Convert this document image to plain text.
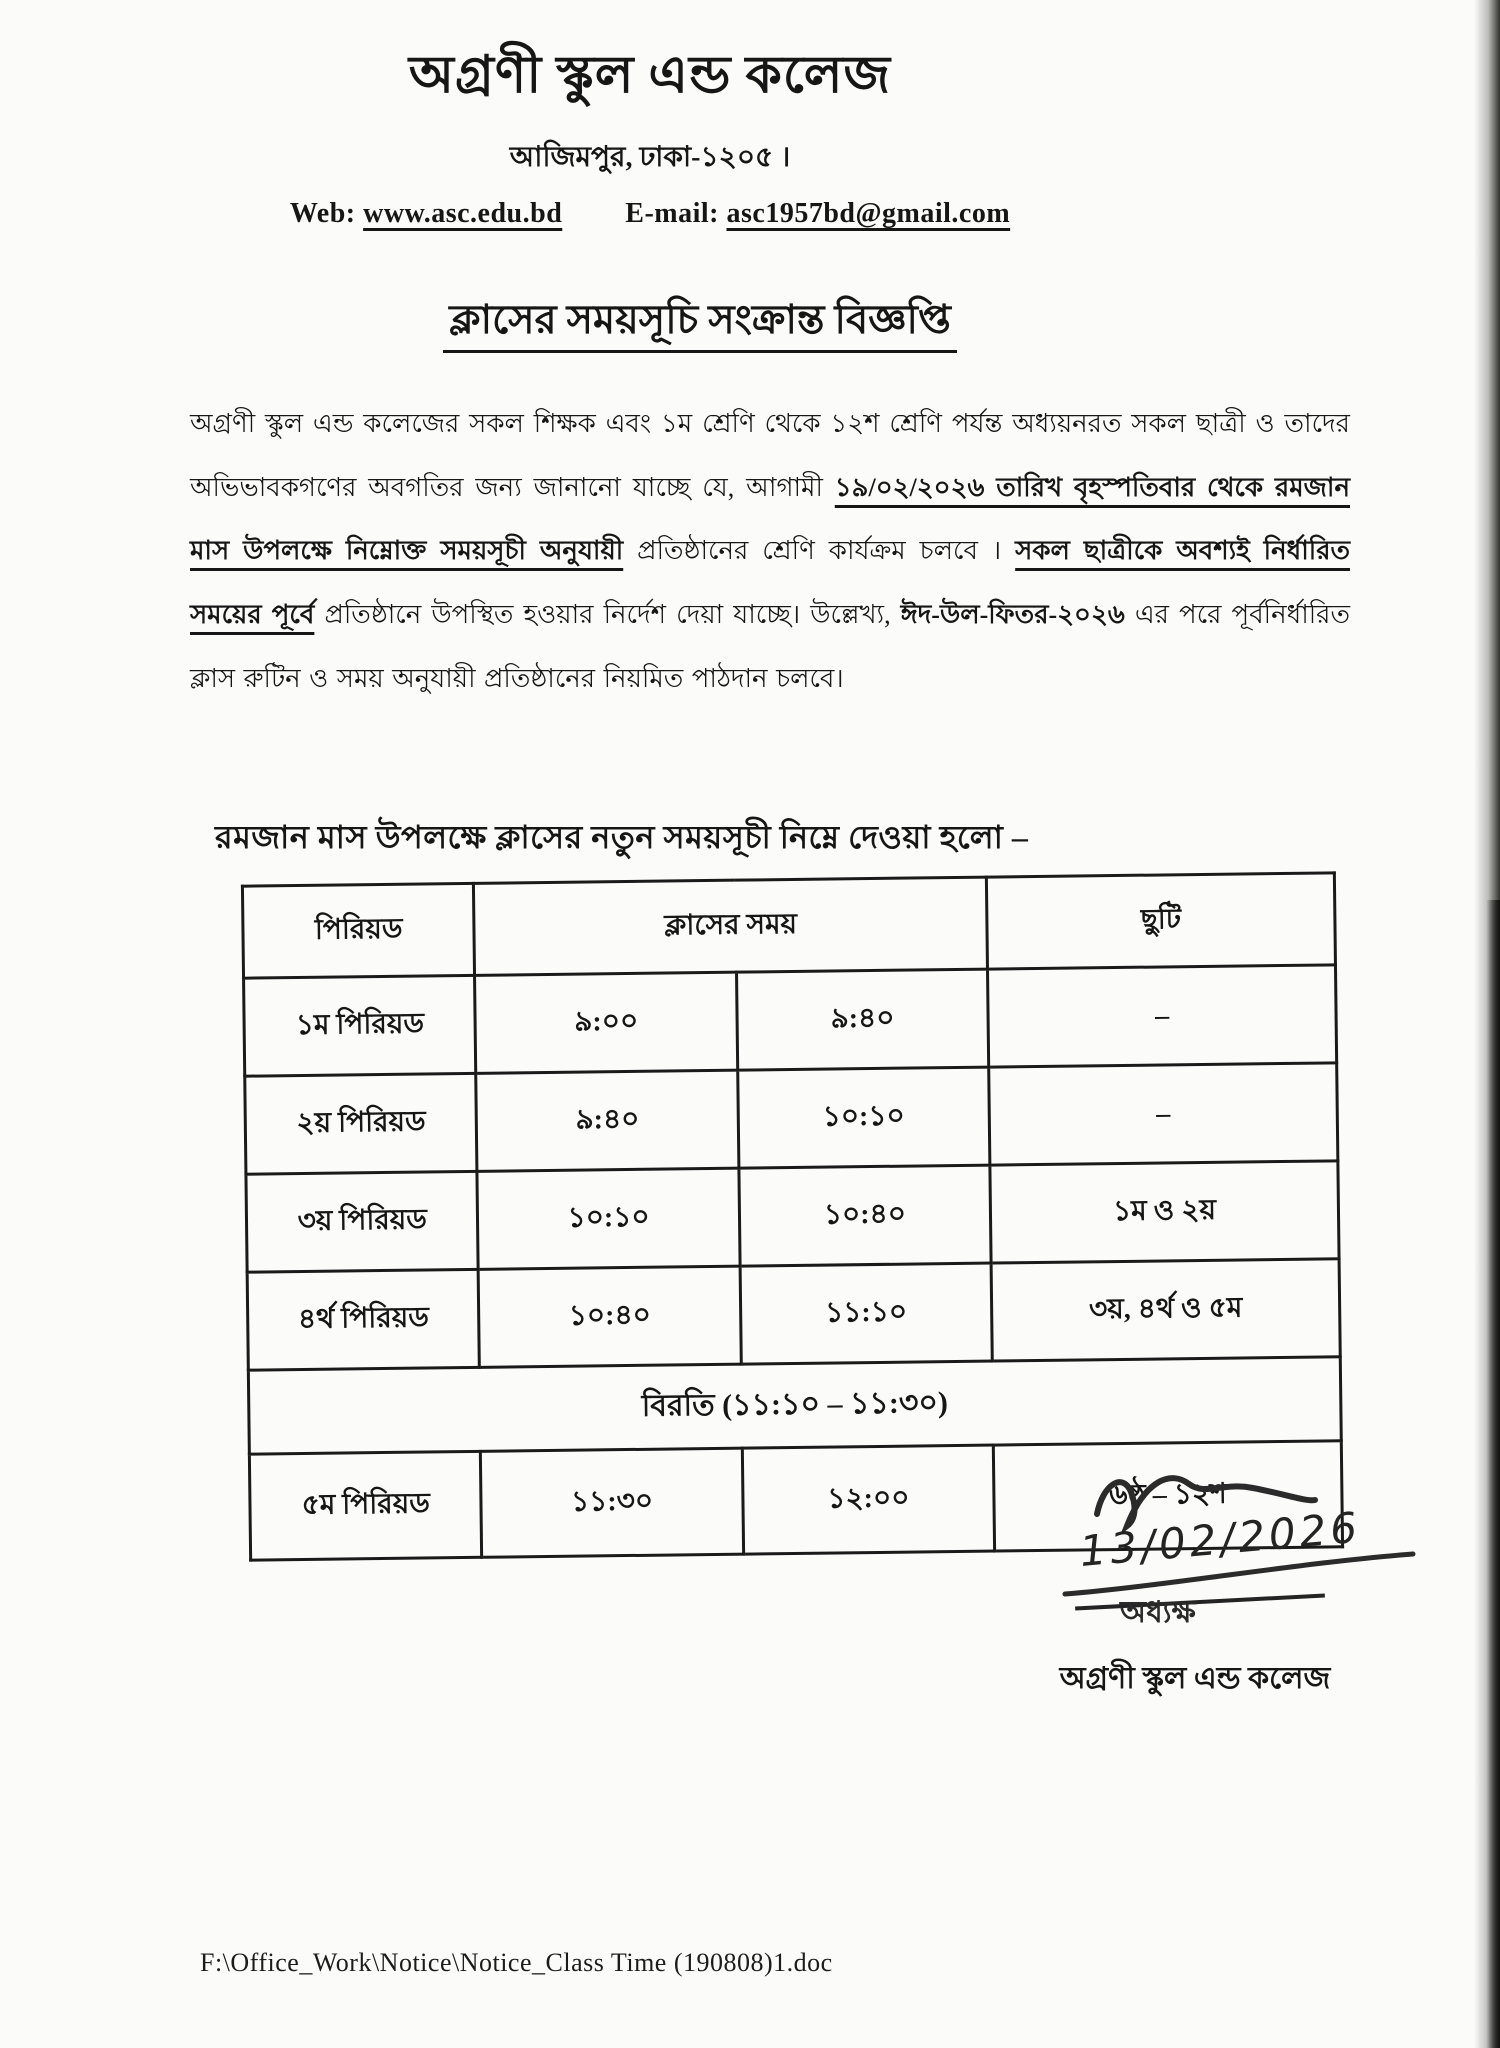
অগ্রণী স্কুল এন্ড কলেজ
আজিমপুর, ঢাকা-১২০৫ ।
Web: www.asc.edu.bd E-mail: asc1957bd@gmail.com
ক্লাসের সময়সূচি সংক্রান্ত বিজ্ঞপ্তি
অগ্রণী স্কুল এন্ড কলেজের সকল শিক্ষক এবং ১ম শ্রেণি থেকে ১২শ শ্রেণি পর্যন্ত অধ্যয়নরত সকল ছাত্রী ও তাদের অভিভাবকগণের অবগতির জন্য জানানো যাচ্ছে যে, আগামী ১৯/০২/২০২৬ তারিখ বৃহস্পতিবার থেকে রমজান মাস উপলক্ষে নিম্নোক্ত সময়সূচী অনুযায়ী প্রতিষ্ঠানের শ্রেণি কার্যক্রম চলবে । সকল ছাত্রীকে অবশ্যই নির্ধারিত সময়ের পূর্বে প্রতিষ্ঠানে উপস্থিত হওয়ার নির্দেশ দেয়া যাচ্ছে। উল্লেখ্য, ঈদ-উল-ফিতর-২০২৬ এর পরে পূর্বনির্ধারিত ক্লাস রুটিন ও সময় অনুযায়ী প্রতিষ্ঠানের নিয়মিত পাঠদান চলবে।
রমজান মাস উপলক্ষে ক্লাসের নতুন সময়সূচী নিম্নে দেওয়া হলো –
পিরিয়ড	ক্লাসের সময়		ছুটি
১ম পিরিয়ড	৯:০০	৯:৪০	–
২য় পিরিয়ড	৯:৪০	১০:১০	–
৩য় পিরিয়ড	১০:১০	১০:৪০	১ম ও ২য়
৪র্থ পিরিয়ড	১০:৪০	১১:১০	৩য়, ৪র্থ ও ৫ম
বিরতি (১১:১০ – ১১:৩০)			
৫ম পিরিয়ড	১১:৩০	১২:০০	৬ষ্ঠ – ১২শ
13/02/2026
অধ্যক্ষ
অগ্রণী স্কুল এন্ড কলেজ
F:\Office_Work\Notice\Notice_Class Time (190808)1.doc
